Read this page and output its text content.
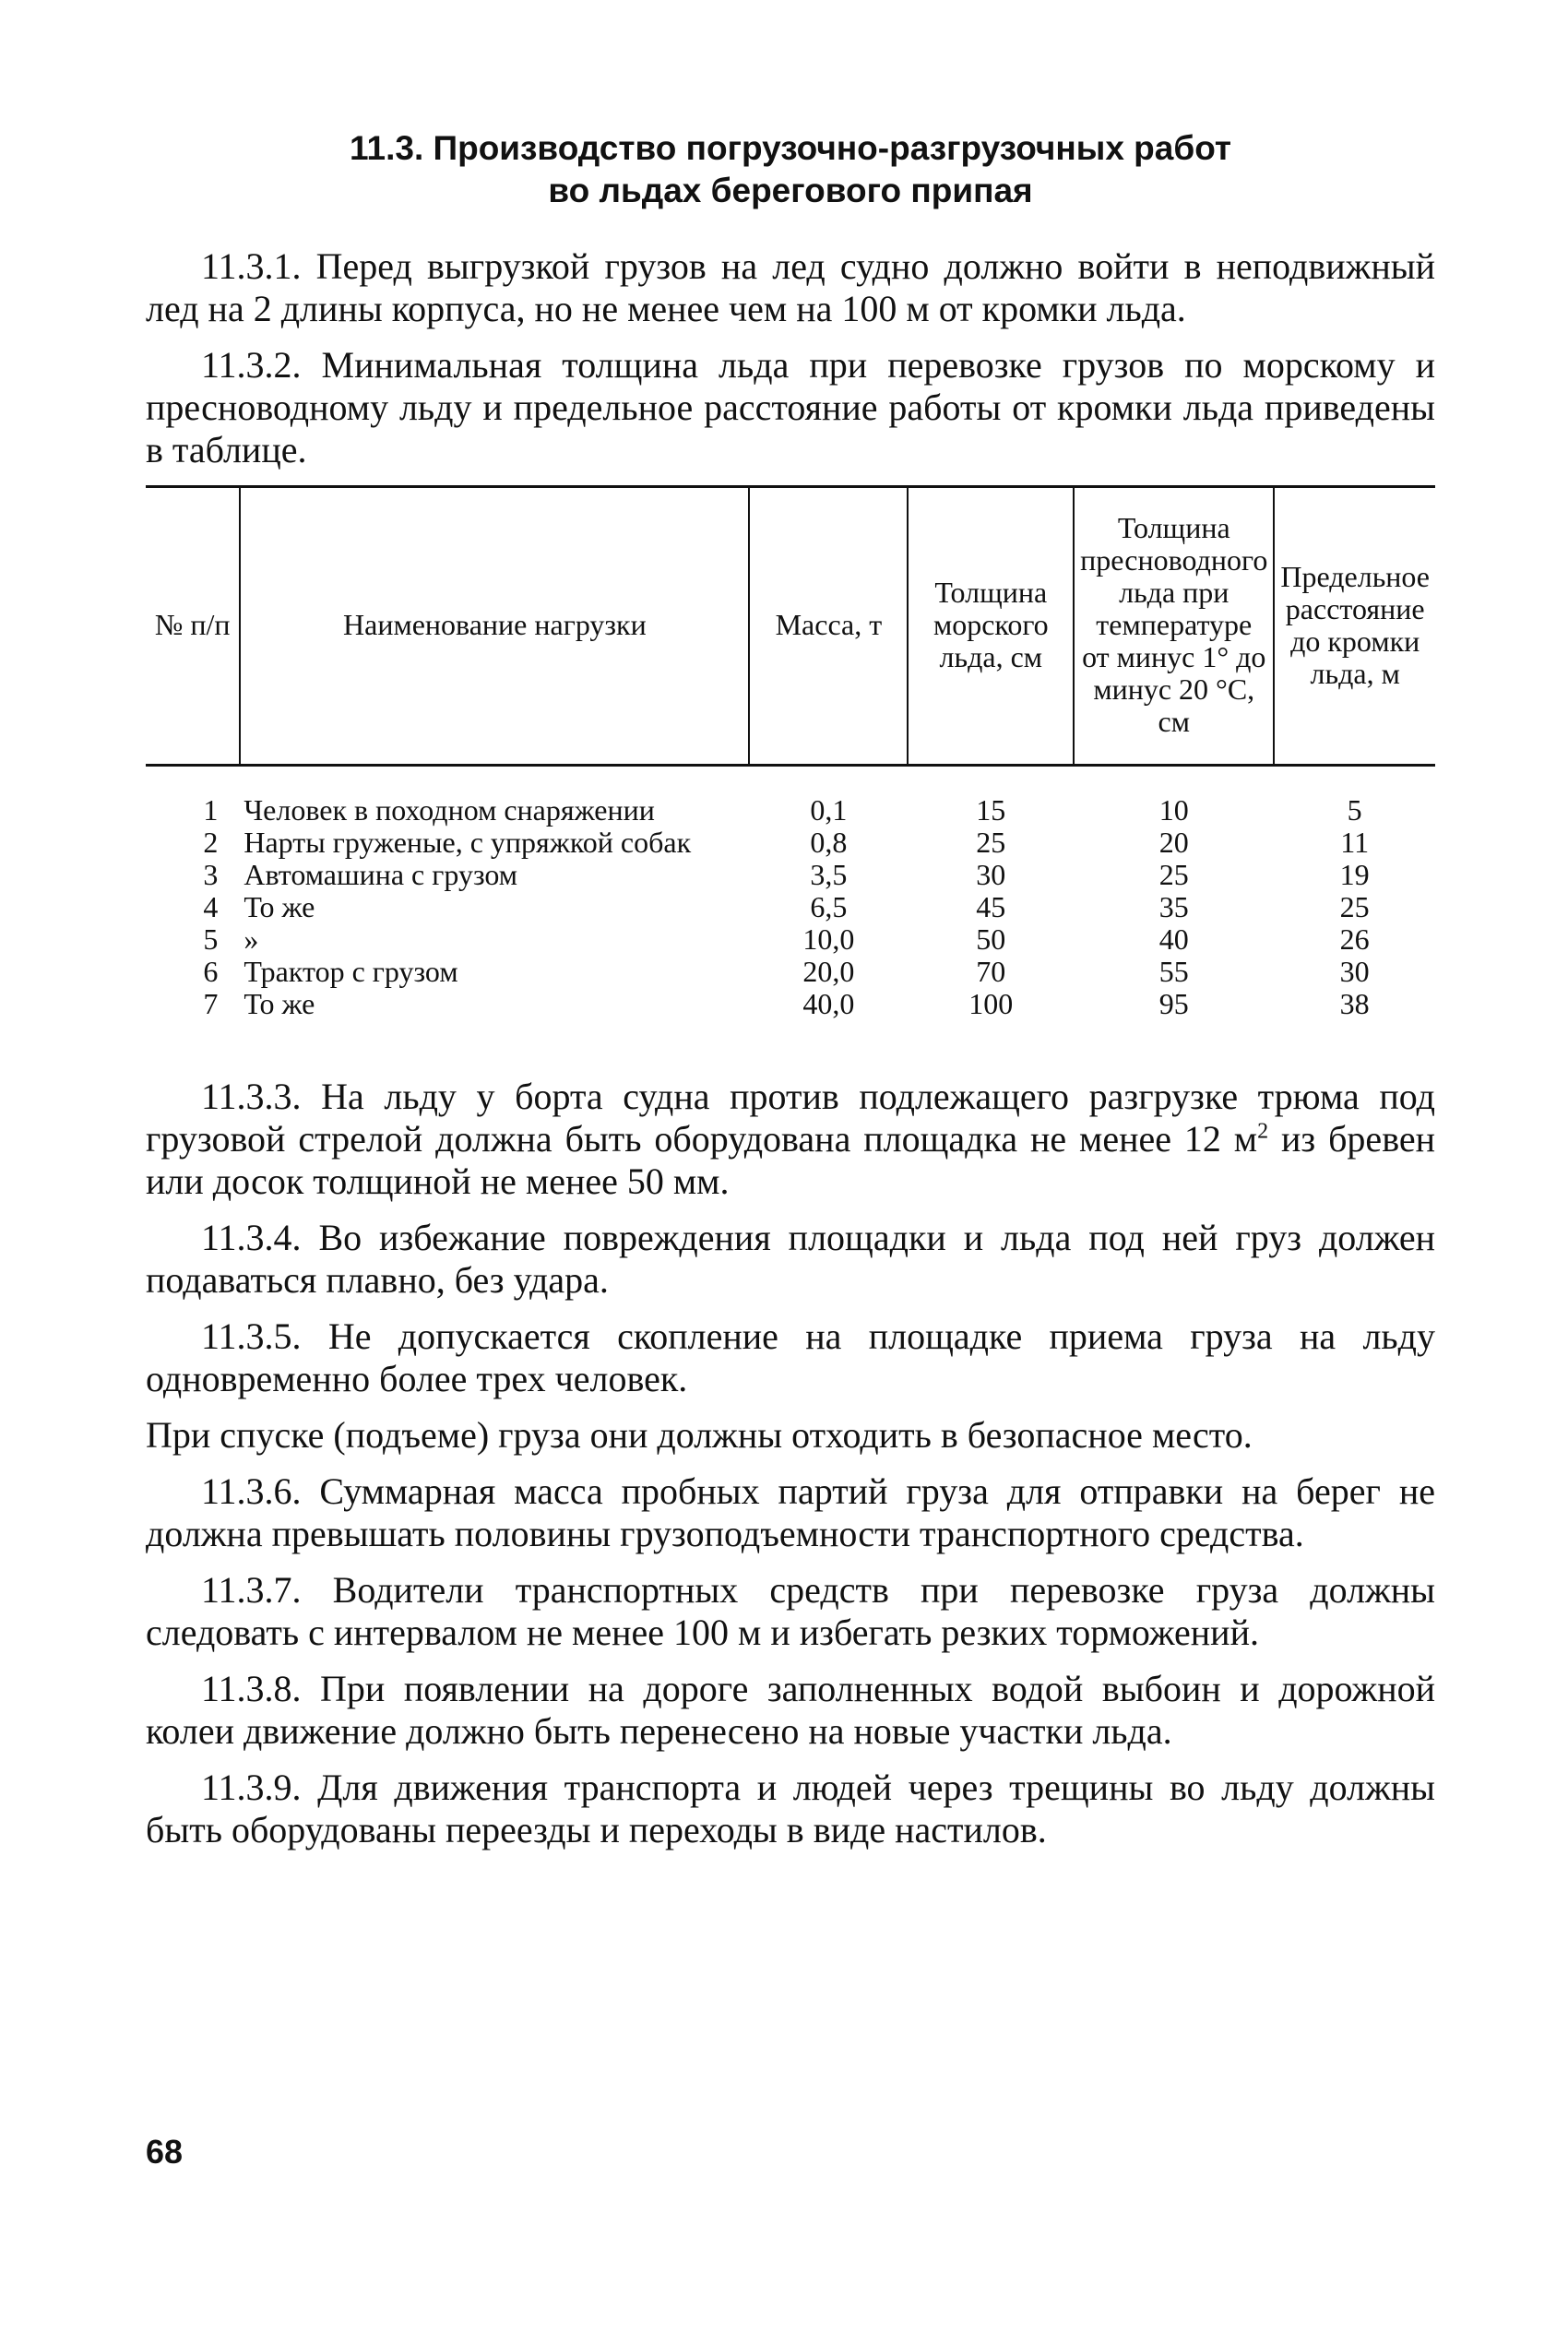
11.3. Производство погрузочно-разгрузочных работ
во льдах берегового припая

11.3.1. Перед выгрузкой грузов на лед судно должно войти в неподвижный лед на 2 длины корпуса, но не менее чем на 100 м от кромки льда.

11.3.2. Минимальная толщина льда при перевозке грузов по морскому и пресноводному льду и предельное расстояние работы от кромки льда приведены в таблице.

№ п/п	Наименование нагрузки	Масса, т	Толщина морского льда, см	Толщина пресноводного льда при температуре от минус 1° до минус 20 °С, см	Предельное расстояние до кромки льда, м
1	Человек в походном снаряжении	0,1	15	10	5
2	Нарты груженые, с упряжкой собак	0,8	25	20	11
3	Автомашина с грузом	3,5	30	25	19
4	То же	6,5	45	35	25
5	»	10,0	50	40	26
6	Трактор с грузом	20,0	70	55	30
7	То же	40,0	100	95	38

11.3.3. На льду у борта судна против подлежащего разгрузке трюма под грузовой стрелой должна быть оборудована площадка не менее 12 $м^2$ из бревен или досок толщиной не менее 50 мм.

11.3.4. Во избежание повреждения площадки и льда под ней груз должен подаваться плавно, без удара.

11.3.5. Не допускается скопление на площадке приема груза на льду одновременно более трех человек.

При спуске (подъеме) груза они должны отходить в безопасное место.

11.3.6. Суммарная масса пробных партий груза для отправки на берег не должна превышать половины грузоподъемности транспортного средства.

11.3.7. Водители транспортных средств при перевозке груза должны следовать с интервалом не менее 100 м и избегать резких торможений.

11.3.8. При появлении на дороге заполненных водой выбоин и дорожной колеи движение должно быть перенесено на новые участки льда.

11.3.9. Для движения транспорта и людей через трещины во льду должны быть оборудованы переезды и переходы в виде настилов.

68
